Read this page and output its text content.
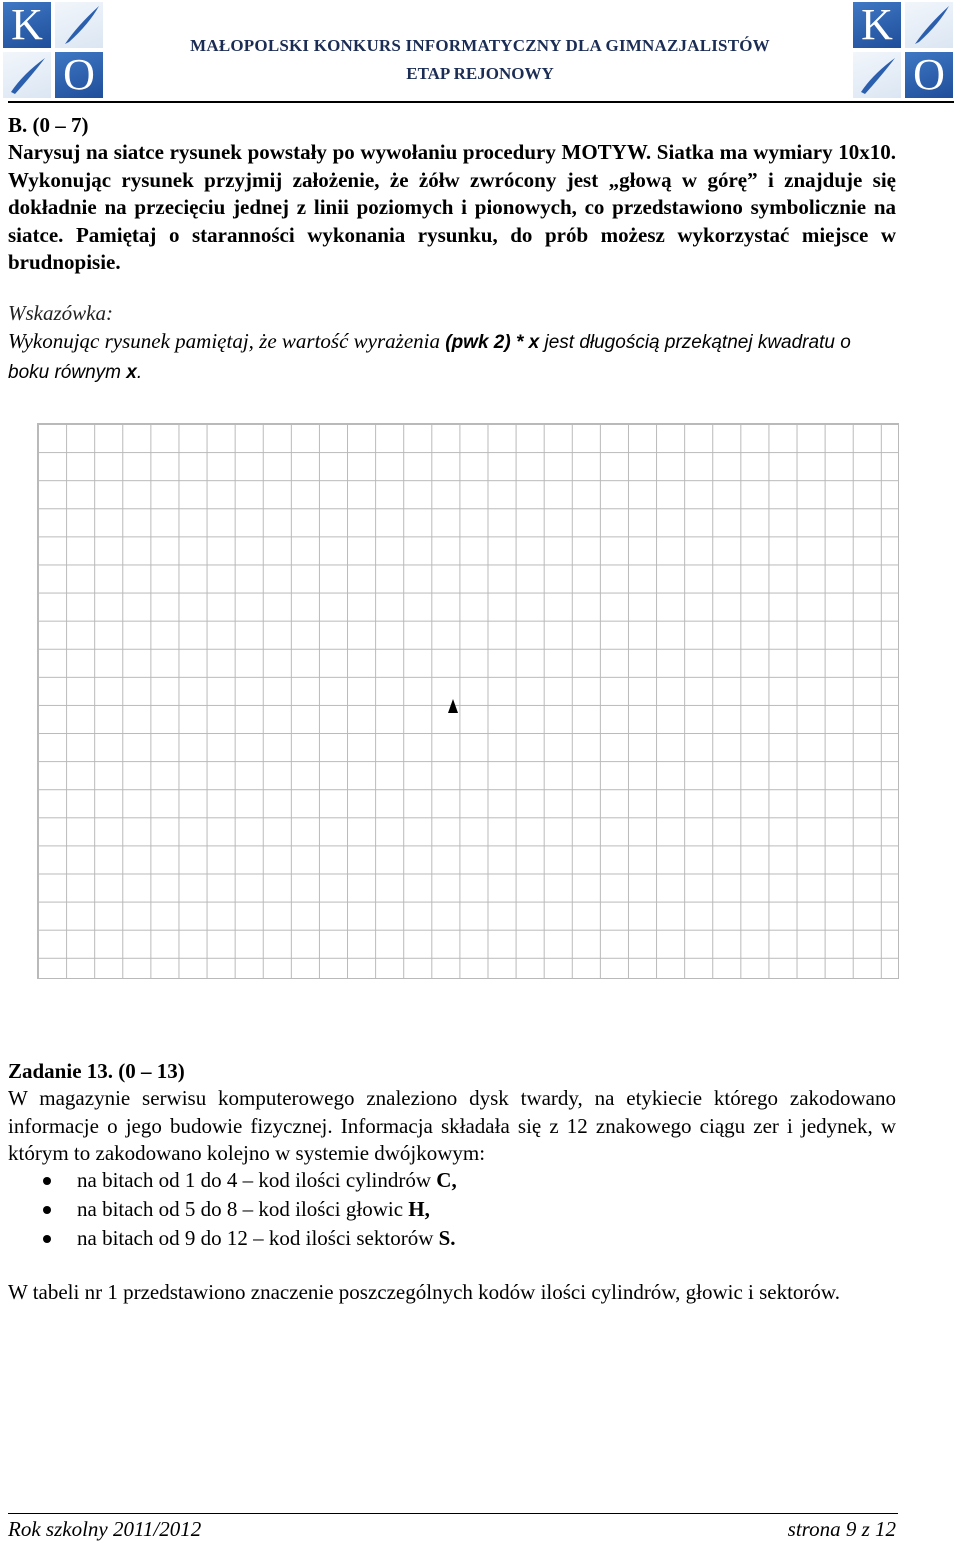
K
O
MAŁOPOLSKI KONKURS INFORMATYCZNY DLA GIMNAZJALISTÓW
ETAP REJONOWY
K
O
B. (0 – 7)
Narysuj na siatce rysunek powstały po wywołaniu procedury MOTYW. Siatka ma wymiary 10x10. Wykonując rysunek przyjmij założenie, że żółw zwrócony jest „głową w górę” i znajduje się dokładnie na przecięciu jednej z linii poziomych i pionowych, co przedstawiono symbolicznie na siatce. Pamiętaj o staranności wykonania rysunku, do prób możesz wykorzystać miejsce w brudnopisie.
Wskazówka:
Wykonując rysunek pamiętaj, że wartość wyrażenia (pwk 2) * x jest długością przekątnej kwadratu o boku równym x.
Zadanie 13. (0 – 13)
W magazynie serwisu komputerowego znaleziono dysk twardy, na etykiecie którego zakodowano informacje o jego budowie fizycznej. Informacja składała się z 12 znakowego ciągu zer i jedynek, w którym to zakodowano kolejno w systemie dwójkowym:
na bitach od 1 do 4 – kod ilości cylindrów C,
na bitach od 5 do 8 – kod ilości głowic H,
na bitach od 9 do 12 – kod ilości sektorów S.
W tabeli nr 1 przedstawiono znaczenie poszczególnych kodów ilości cylindrów, głowic i sektorów.
Rok szkolny 2011/2012	strona 9 z 12
